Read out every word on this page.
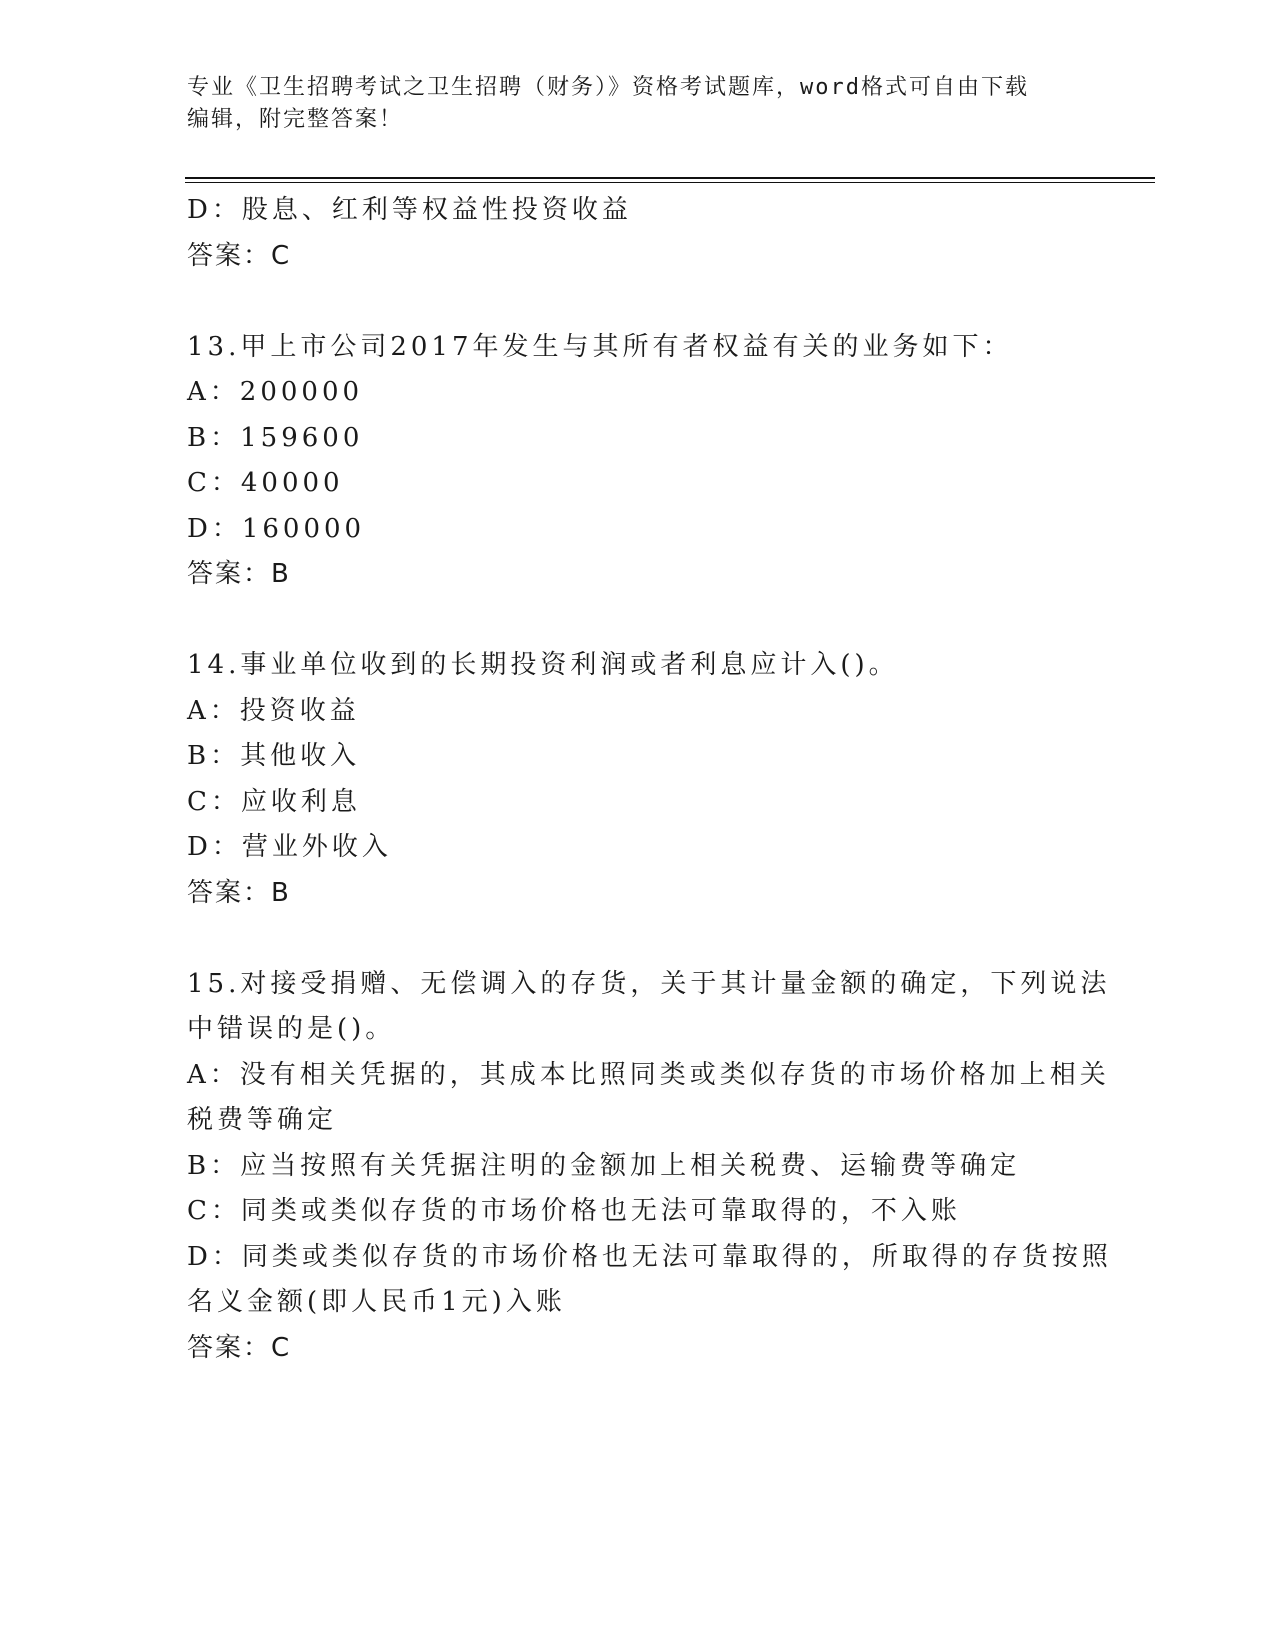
专业《卫生招聘考试之卫生招聘（财务）》资格考试题库，word格式可自由下载
编辑，附完整答案！
D：股息、红利等权益性投资收益
答案：C
13.甲上市公司2017年发生与其所有者权益有关的业务如下：
A：200000
B：159600
C：40000
D：160000
答案：B
14.事业单位收到的长期投资利润或者利息应计入()。
A：投资收益
B：其他收入
C：应收利息
D：营业外收入
答案：B
15.对接受捐赠、无偿调入的存货，关于其计量金额的确定，下列说法
中错误的是()。
A：没有相关凭据的，其成本比照同类或类似存货的市场价格加上相关
税费等确定
B：应当按照有关凭据注明的金额加上相关税费、运输费等确定
C：同类或类似存货的市场价格也无法可靠取得的，不入账
D：同类或类似存货的市场价格也无法可靠取得的，所取得的存货按照
名义金额(即人民币1元)入账
答案：C
